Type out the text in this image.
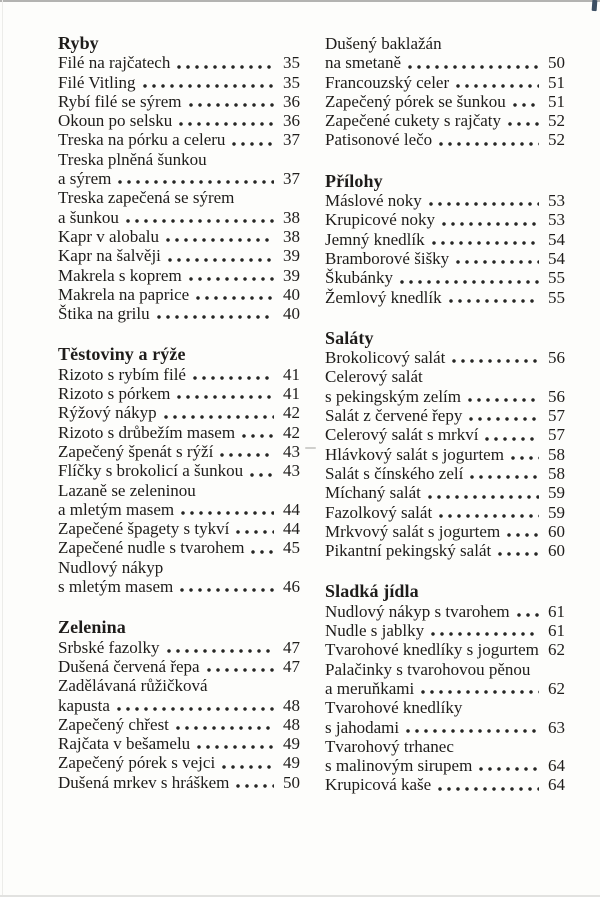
Ryby
Filé na rajčatech	35
Filé Vitling	35
Rybí filé se sýrem	36
Okoun po selsku	36
Treska na pórku a celeru	37
Treska plněná šunkou
a sýrem	37
Treska zapečená se sýrem
a šunkou	38
Kapr v alobalu	38
Kapr na šalvěji	39
Makrela s koprem	39
Makrela na paprice	40
Štika na grilu	40
Těstoviny a rýže
Rizoto s rybím filé	41
Rizoto s pórkem	41
Rýžový nákyp	42
Rizoto s drůbežím masem	42
Zapečený špenát s rýží	43
Flíčky s brokolicí a šunkou 43
Lazaně se zeleninou
a mletým masem	44
Zapečené špagety s tykví	44
Zapečené nudle s tvarohem 45
Nudlový nákyp
s mletým masem	46
Zelenina
Srbské fazolky	47
Dušená červená řepa	47
Zadělávaná růžičková
kapusta	48
Zapečený chřest	48
Rajčata v bešamelu	49
Zapečený pórek s vejci	49
Dušená mrkev s hráškem	50
Dušený baklažán
na smetaně	50
Francouzský celer	51
Zapečený pórek se šunkou 51
Zapečené cukety s rajčaty	52
Patisonové lečo	52
Přílohy
Máslové noky	53
Krupicové noky	53
Jemný knedlík	54
Bramborové šišky	54
Škubánky	55
Žemlový knedlík	55
Saláty
Brokolicový salát	56
Celerový salát
s pekingským zelím	56
Salát z červené řepy	57
Celerový salát s mrkví	57
Hlávkový salát s jogurtem	58
Salát s čínského zelí	58
Míchaný salát	59
Fazolkový salát	59
Mrkvový salát s jogurtem	60
Pikantní pekingský salát	60
Sladká jídla
Nudlový nákyp s tvarohem 61
Nudle s jablky	61
Tvarohové knedlíky s jogurtem 62
Palačinky s tvarohovou pěnou
a meruňkami	62
Tvarohové knedlíky
s jahodami	63
Tvarohový trhanec
s malinovým sirupem	64
Krupicová kaše	64
